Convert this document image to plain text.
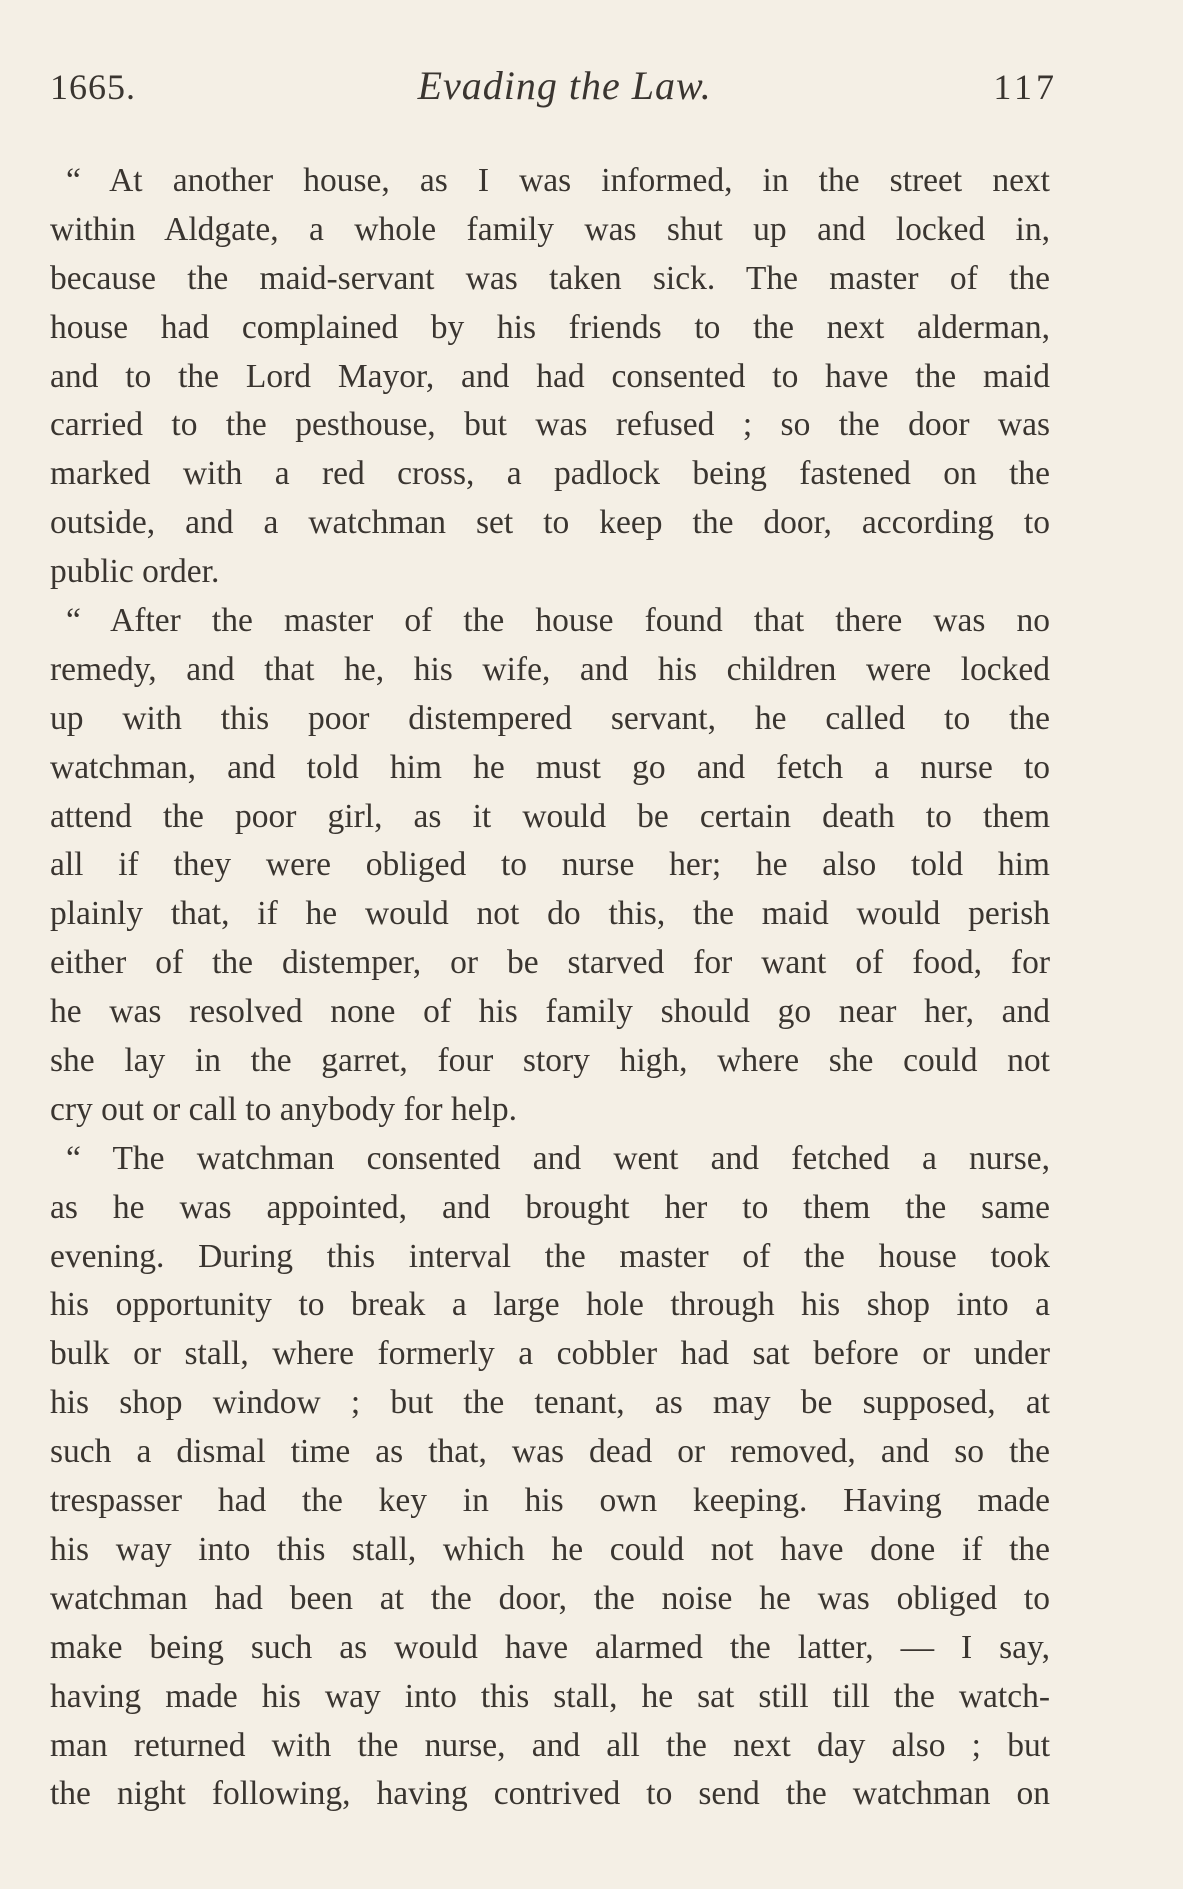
1665.	Evading the Law.	117
“ At another house, as I was informed, in the street next
within Aldgate, a whole family was shut up and locked in,
because the maid-servant was taken sick. The master of the
house had complained by his friends to the next alderman,
and to the Lord Mayor, and had consented to have the maid
carried to the pesthouse, but was refused ; so the door was
marked with a red cross, a padlock being fastened on the
outside, and a watchman set to keep the door, according to
public order.
“ After the master of the house found that there was no
remedy, and that he, his wife, and his children were locked
up with this poor distempered servant, he called to the
watchman, and told him he must go and fetch a nurse to
attend the poor girl, as it would be certain death to them
all if they were obliged to nurse her; he also told him
plainly that, if he would not do this, the maid would perish
either of the distemper, or be starved for want of food, for
he was resolved none of his family should go near her, and
she lay in the garret, four story high, where she could not
cry out or call to anybody for help.
“ The watchman consented and went and fetched a nurse,
as he was appointed, and brought her to them the same
evening. During this interval the master of the house took
his opportunity to break a large hole through his shop into a
bulk or stall, where formerly a cobbler had sat before or under
his shop window ; but the tenant, as may be supposed, at
such a dismal time as that, was dead or removed, and so the
trespasser had the key in his own keeping. Having made
his way into this stall, which he could not have done if the
watchman had been at the door, the noise he was obliged to
make being such as would have alarmed the latter, — I say,
having made his way into this stall, he sat still till the watch-
man returned with the nurse, and all the next day also ; but
the night following, having contrived to send the watchman on
